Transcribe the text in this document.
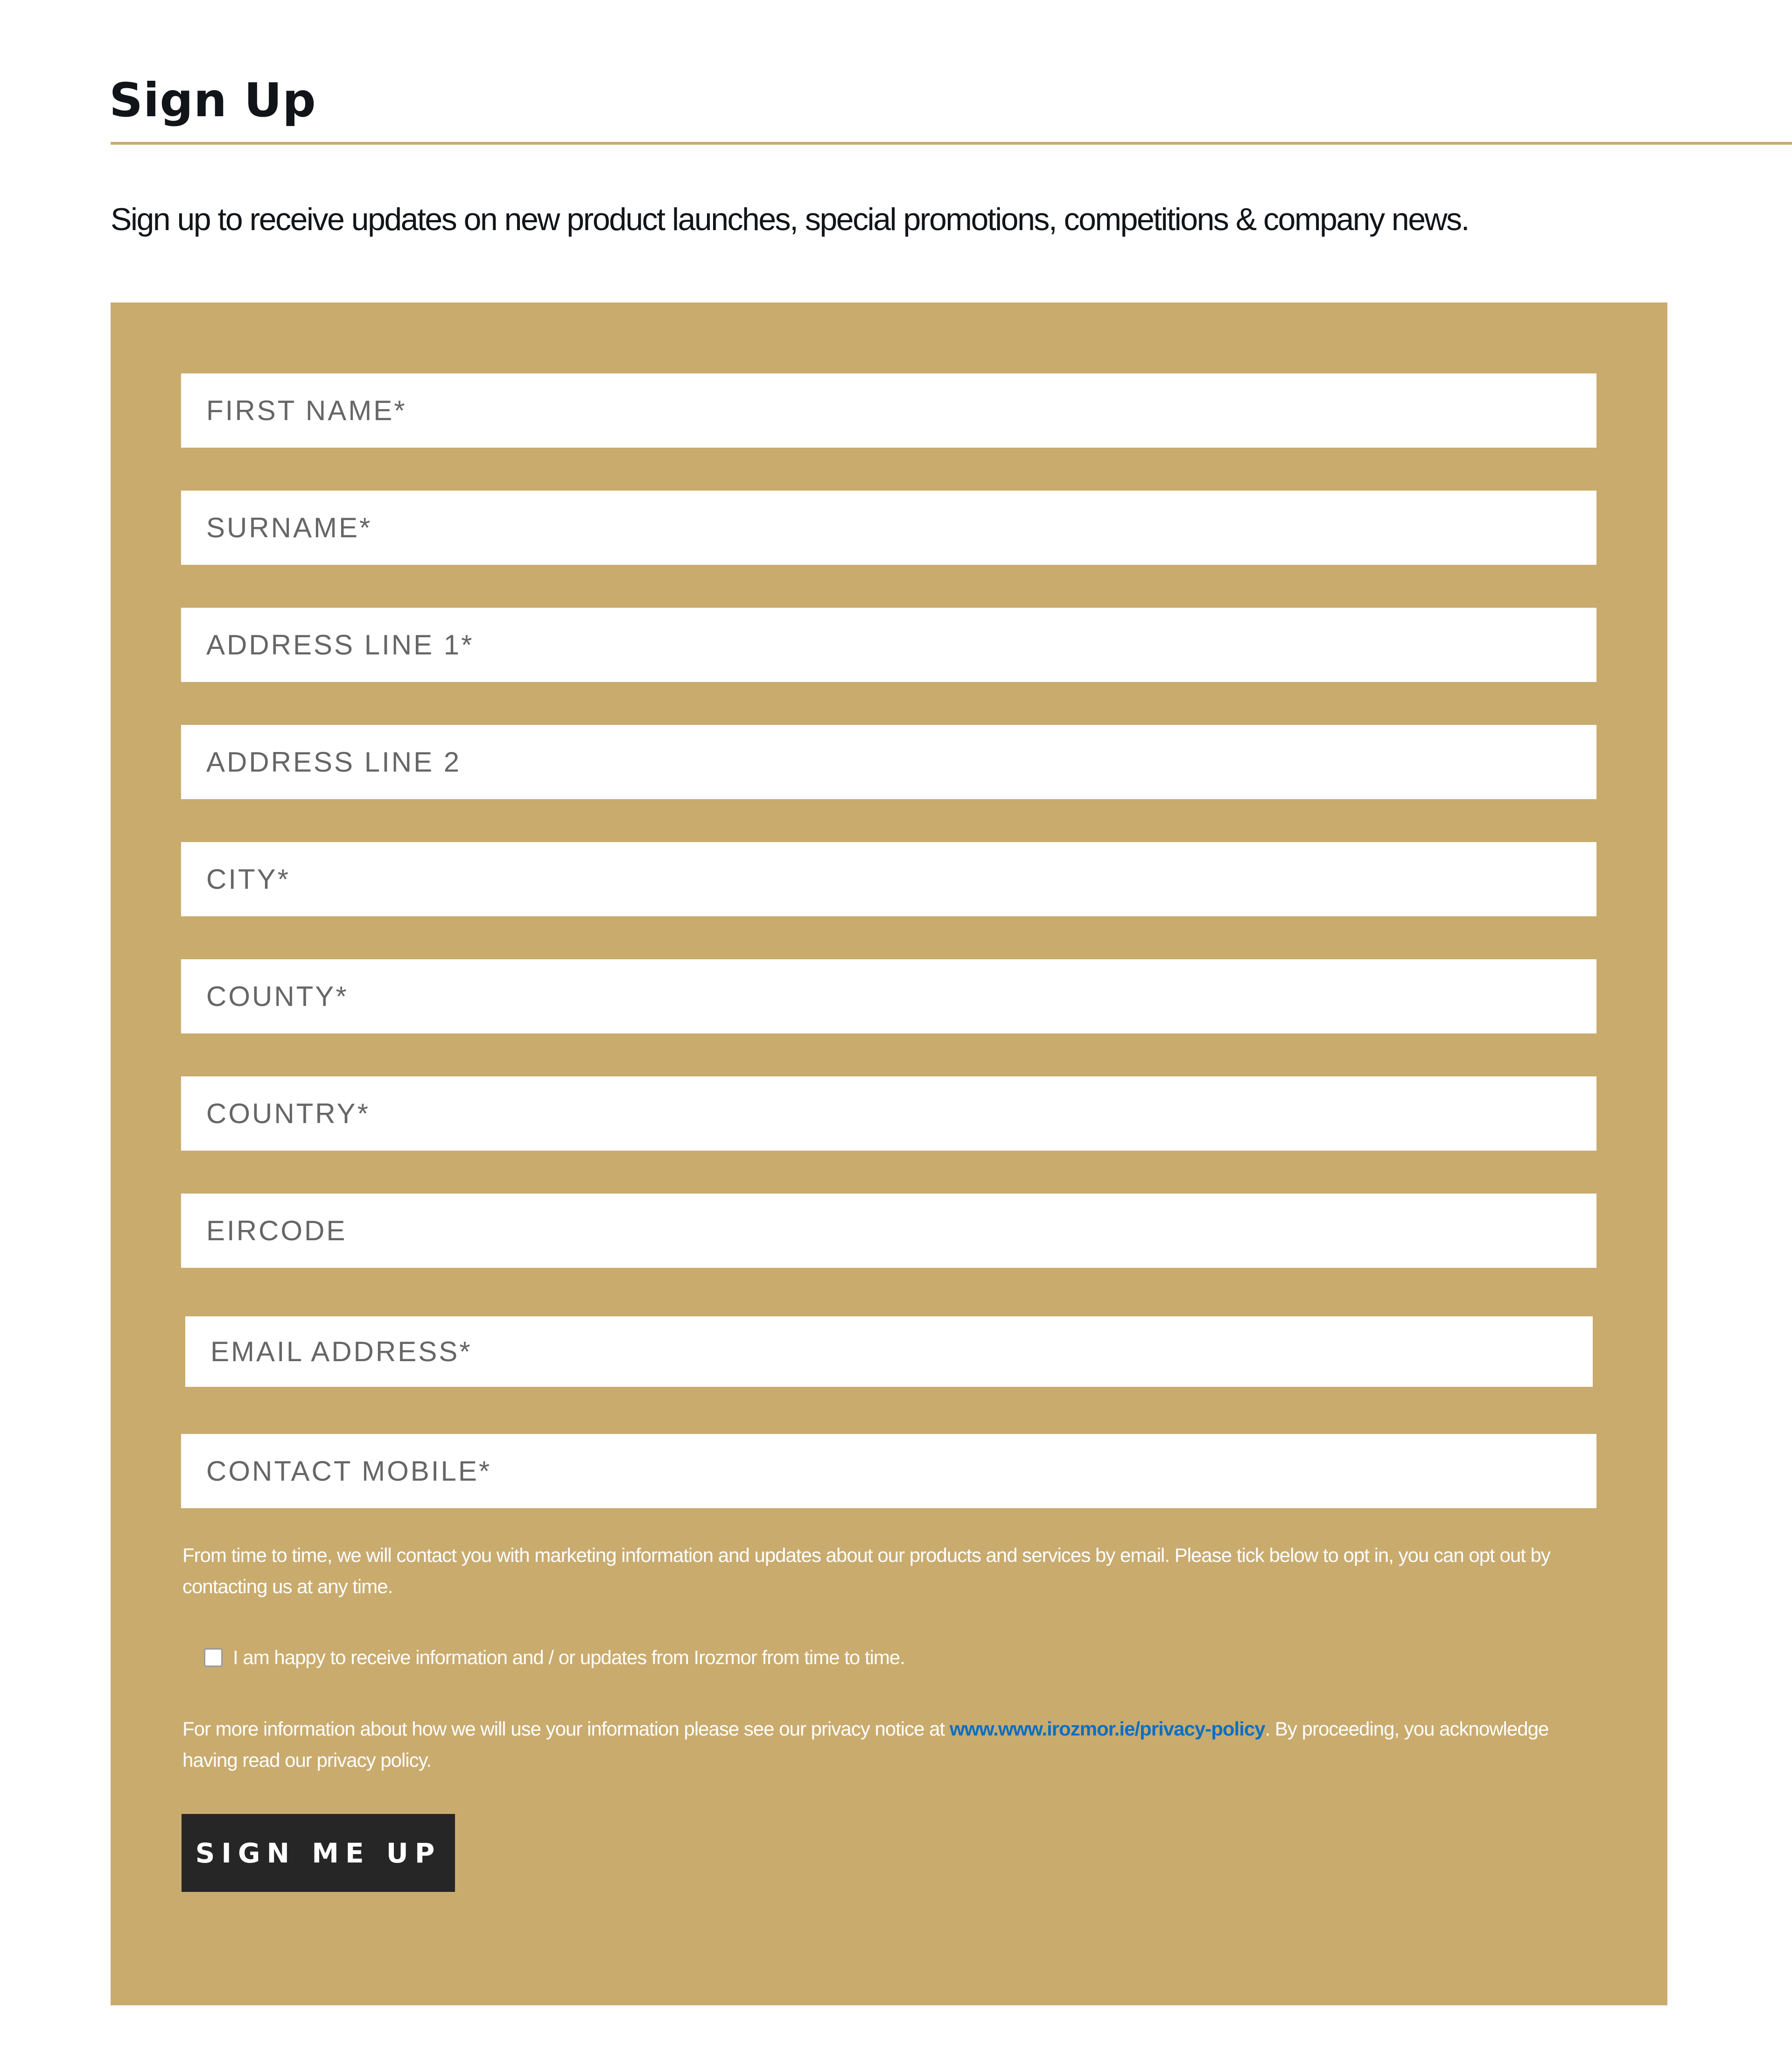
Sign Up

Sign up to receive updates on new product launches, special promotions, competitions & company news.

FIRST NAME*
SURNAME*
ADDRESS LINE 1*
ADDRESS LINE 2
CITY*
COUNTY*
COUNTRY*
EIRCODE
EMAIL ADDRESS*
CONTACT MOBILE*

From time to time, we will contact you with marketing information and updates about our products and services by email. Please tick below to opt in, you can opt out by contacting us at any time.

I am happy to receive information and / or updates from Irozmor from time to time.

For more information about how we will use your information please see our privacy notice at www.www.irozmor.ie/privacy-policy. By proceeding, you acknowledge having read our privacy policy.

SIGN ME UP
